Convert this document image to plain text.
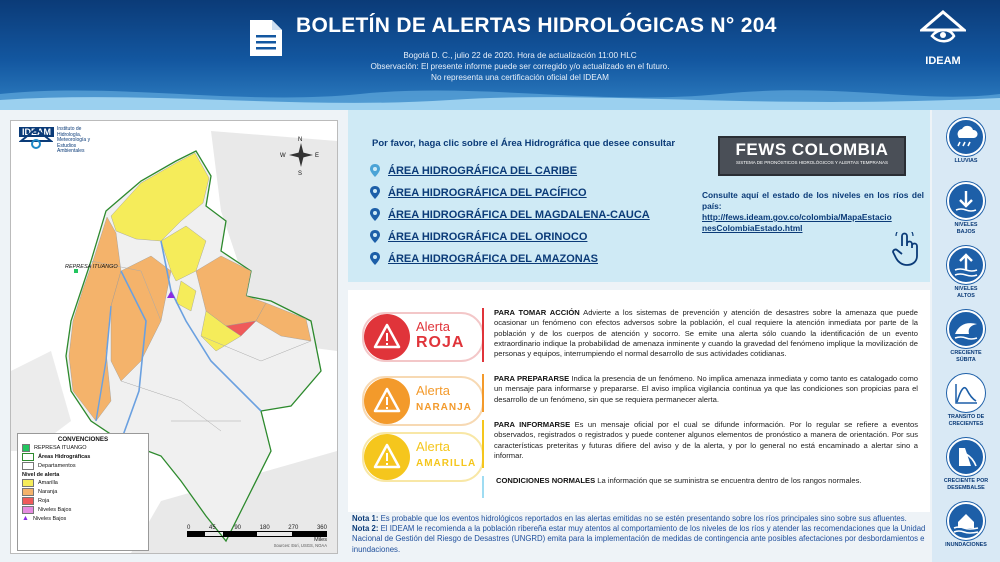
BOLETÍN DE ALERTAS HIDROLÓGICAS N° 204
Bogotá D. C., julio 22 de 2020. Hora de actualización 11:00 HLC
Observación: El presente informe puede ser corregido y/o actualizado en el futuro.
No representa una certificación oficial del IDEAM
IDEAM
N
S
E
W
REPRESA ITUANGO
IDEAM	Instituto de Hidrología, Meteorología y Estudios Ambientales
CONVENCIONES
REPRESA ITUANGO
Áreas Hidrográficas
Departamentos
Nivel de alerta
Amarilla
Naranja
Roja
Niveles Bajos
▲ Niveles Bajos
0	45	90	180	270	360
Miles
Sources: Esri, USGS, NOAA
Por favor, haga clic sobre el Área Hidrográfica que desee consultar
ÁREA HIDROGRÁFICA DEL CARIBE
ÁREA HIDROGRÁFICA DEL PACÍFICO
ÁREA HIDROGRÁFICA DEL MAGDALENA-CAUCA
ÁREA HIDROGRÁFICA DEL ORINOCO
ÁREA HIDROGRÁFICA DEL AMAZONAS
FEWS COLOMBIA
SISTEMA DE PRONÓSTICOS HIDROLÓGICOS Y ALERTAS TEMPRANAS
Consulte aquí el estado de los niveles en los ríos del país:
http://fews.ideam.gov.co/colombia/MapaEstacionesColombiaEstado.html
Alerta
ROJA
PARA TOMAR ACCIÓN Advierte a los sistemas de prevención y atención de desastres sobre la amenaza que puede ocasionar un fenómeno con efectos adversos sobre la población, el cual requiere la atención inmediata por parte de la población y de los cuerpos de atención y socorro. Se emite una alerta sólo cuando la identificación de un evento extraordinario indique la probabilidad de amenaza inminente y cuando la gravedad del fenómeno implique la movilización de personas y equipos, interrumpiendo el normal desarrollo de sus actividades cotidianas.
Alerta
NARANJA
PARA PREPARARSE Indica la presencia de un fenómeno. No implica amenaza inmediata y como tanto es catalogado como un mensaje para informarse y prepararse. El aviso implica vigilancia continua ya que las condiciones son propicias para el desarrollo de un fenómeno, sin que se requiera permanecer alerta.
Alerta
AMARILLA
PARA INFORMARSE Es un mensaje oficial por el cual se difunde información. Por lo regular se refiere a eventos observados, registrados o registrados y puede contener algunos elementos de pronóstico a manera de orientación. Por sus características preteritas y futuras difiere del aviso y de la alerta, y por lo general no está encaminado a alertar sino a informar.
CONDICIONES NORMALES La información que se suministra se encuentra dentro de los rangos normales.
Nota 1: Es probable que los eventos hidrológicos reportados en las alertas emitidas no se estén presentando sobre los ríos principales sino sobre sus afluentes.
Nota 2: El IDEAM le recomienda a la población ribereña estar muy atentos al comportamiento de los niveles de los ríos y atender las recomendaciones que la Unidad Nacional de Gestión del Riesgo de Desastres (UNGRD) emita para la implementación de medidas de contingencia ante posibles afectaciones por desbordamientos e inundaciones.
LLUVIAS
NIVELES BAJOS
NIVELES ALTOS
CRECIENTE SÚBITA
TRANSITO DE CRECIENTES
CRECIENTE POR DESEMBALSE
INUNDACIONES
